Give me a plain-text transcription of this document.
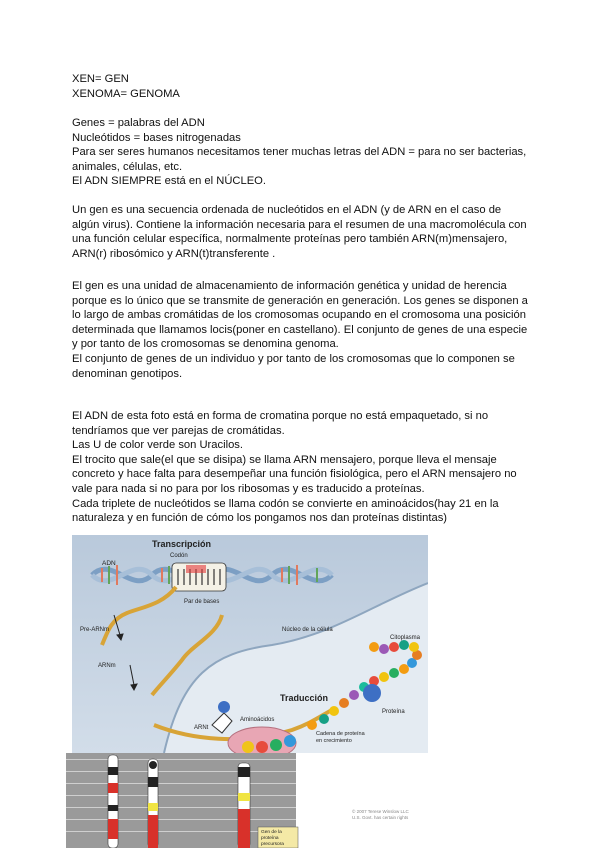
XEN= GEN

XENOMA= GENOMA

Genes = palabras del ADN

Nucleótidos = bases nitrogenadas

Para ser seres humanos necesitamos tener muchas letras del ADN = para no ser bacterias,

animales, células, etc.

El ADN SIEMPRE está en el NÚCLEO.

Un gen es una secuencia ordenada de nucleótidos en el ADN (y de ARN en el caso de

algún virus). Contiene la información necesaria para el resumen de una macromolécula con

una función celular específica, normalmente proteínas pero también ARN(m)mensajero,

ARN(r) ribosómico y ARN(t)transferente .

El gen es una unidad de almacenamiento de información genética y unidad de herencia

porque es lo único que se transmite de generación en generación. Los genes se disponen a

lo largo de ambas cromátidas de los cromosomas ocupando en el cromosoma una posición

determinada que llamamos locis(poner en castellano). El conjunto de genes de una especie

y por tanto de los cromosomas se denomina genoma.

El conjunto de genes de un individuo y por tanto de los cromosomas que lo componen se

denominan genotipos.

El ADN de esta foto está en forma de cromatina porque no está empaquetado, si no

tendríamos que ver parejas de cromátidas.

Las U de color verde son Uracilos.

El trocito que sale(el que se disipa) se llama ARN mensajero, porque lleva el mensaje

concreto y hace falta para desempeñar una función fisiológica, pero el ARN mensajero no

vale para nada si no para por los ribosomas y es traducido a proteínas.

Cada triplete de nucleótidos se llama codón se convierte en aminoácidos(hay 21 en la

naturaleza y en función de cómo los pongamos nos dan proteínas distintas)

Transcripción
Codón
ADN
Par de bases
Pre-ARNm
ARNm
Núcleo de la célula
Citoplasma
Traducción
Proteína
ARNt
Aminoácidos
Cadena de proteína
en crecimiento
Gen de la
proteína
precursora
© 2007 Terese Winslow LLC
U.S. Govt. has certain rights
